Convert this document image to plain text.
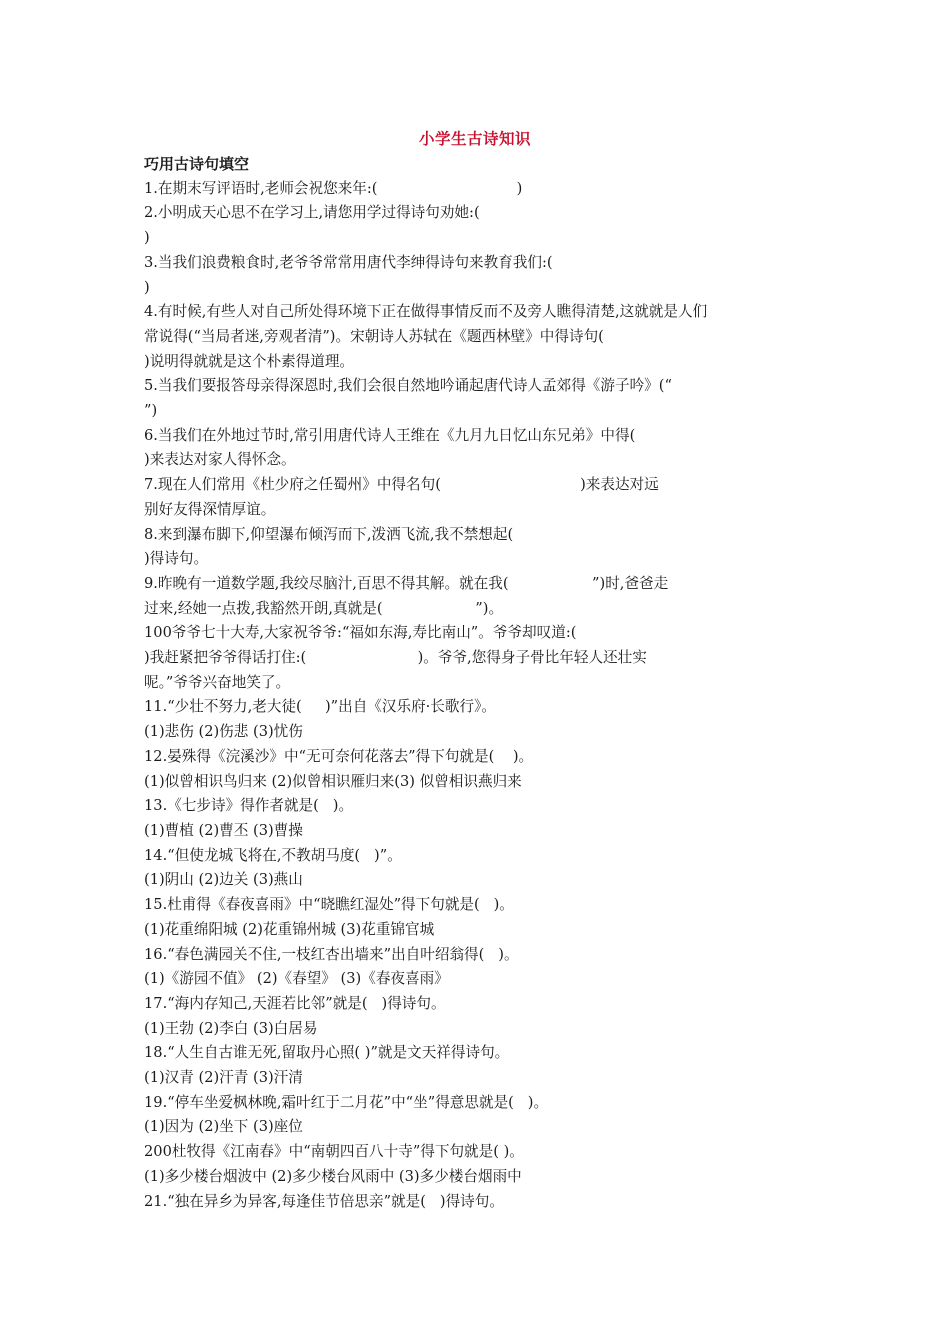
小学生古诗知识
巧用古诗句填空
1.在期末写评语时,老师会祝您来年:(                              )
2.小明成天心思不在学习上,请您用学过得诗句劝她:(
)
3.当我们浪费粮食时,老爷爷常常用唐代李绅得诗句来教育我们:(
)
4.有时候,有些人对自己所处得环境下正在做得事情反而不及旁人瞧得清楚,这就就是人们
常说得(“当局者迷,旁观者清”)。宋朝诗人苏轼在《题西林壁》中得诗句(
)说明得就就是这个朴素得道理。
5.当我们要报答母亲得深恩时,我们会很自然地吟诵起唐代诗人孟郊得《游子吟》(“
”)
6.当我们在外地过节时,常引用唐代诗人王维在《九月九日忆山东兄弟》中得(
)来表达对家人得怀念。
7.现在人们常用《杜少府之任蜀州》中得名句(                              )来表达对远
别好友得深情厚谊。
8.来到瀑布脚下,仰望瀑布倾泻而下,泼洒飞流,我不禁想起(
)得诗句。
9.昨晚有一道数学题,我绞尽脑汁,百思不得其解。就在我(                  ”)时,爸爸走
过来,经她一点拨,我豁然开朗,真就是(                    ”)。
100爷爷七十大寿,大家祝爷爷:“福如东海,寿比南山”。爷爷却叹道:(
)我赶紧把爷爷得话打住:(                        )。爷爷,您得身子骨比年轻人还壮实
呢。”爷爷兴奋地笑了。
11.“少壮不努力,老大徒(     )”出自《汉乐府·长歌行》。
(1)悲伤 (2)伤悲 (3)忧伤
12.晏殊得《浣溪沙》中“无可奈何花落去”得下句就是(    )。
(1)似曾相识鸟归来 (2)似曾相识雁归来(3) 似曾相识燕归来
13.《七步诗》得作者就是(   )。
(1)曹植 (2)曹丕 (3)曹操
14.“但使龙城飞将在,不教胡马度(   )”。
(1)阴山 (2)边关 (3)燕山
15.杜甫得《春夜喜雨》中“晓瞧红湿处”得下句就是(   )。
(1)花重绵阳城 (2)花重锦州城 (3)花重锦官城
16.“春色满园关不住,一枝红杏出墙来”出自叶绍翁得(   )。
(1)《游园不值》 (2)《春望》 (3)《春夜喜雨》
17.“海内存知己,天涯若比邻”就是(   )得诗句。
(1)王勃 (2)李白 (3)白居易
18.“人生自古谁无死,留取丹心照( )”就是文天祥得诗句。
(1)汉青 (2)汗青 (3)汗清
19.“停车坐爱枫林晚,霜叶红于二月花”中“坐”得意思就是(   )。
(1)因为 (2)坐下 (3)座位
200杜牧得《江南春》中“南朝四百八十寺”得下句就是( )。
(1)多少楼台烟波中 (2)多少楼台风雨中 (3)多少楼台烟雨中
21.“独在异乡为异客,每逢佳节倍思亲”就是(   )得诗句。
